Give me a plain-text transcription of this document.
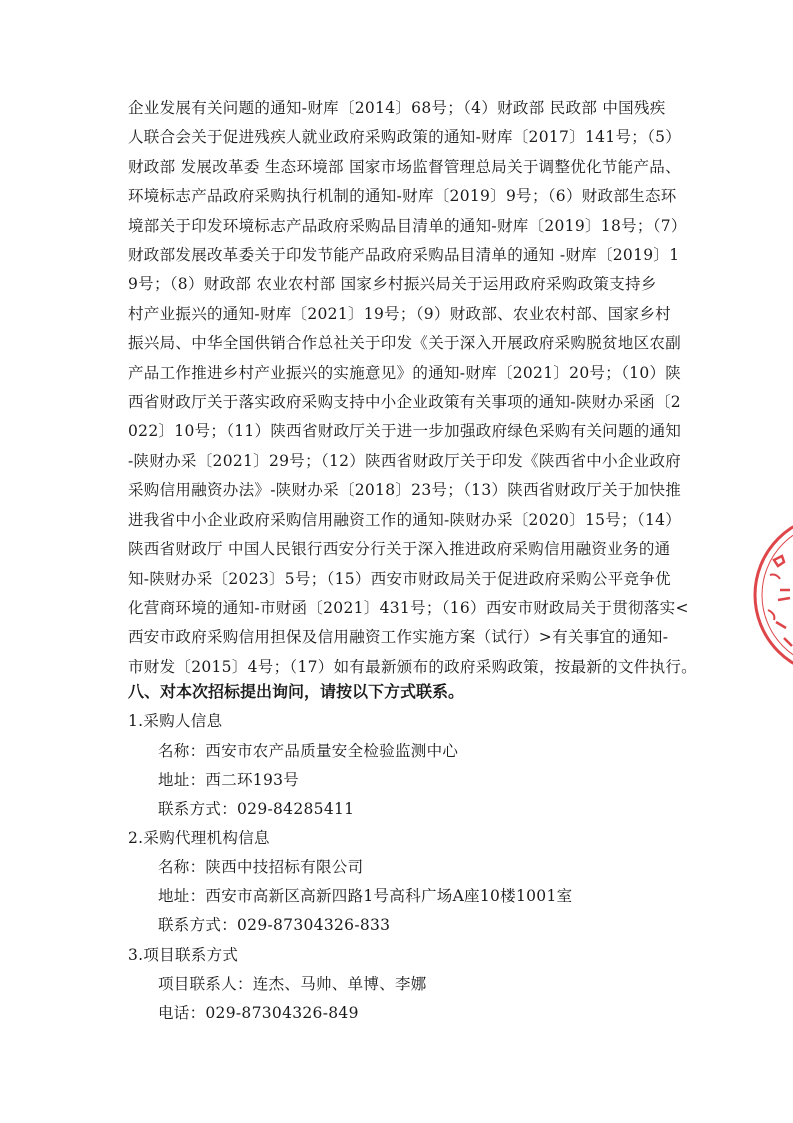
企业发展有关问题的通知-财库〔2014〕68号；（4）财政部 民政部 中国残疾
人联合会关于促进残疾人就业政府采购政策的通知-财库〔2017〕141号；（5）
财政部 发展改革委 生态环境部 国家市场监督管理总局关于调整优化节能产品、
环境标志产品政府采购执行机制的通知-财库〔2019〕9号；（6）财政部生态环
境部关于印发环境标志产品政府采购品目清单的通知-财库〔2019〕18号；（7）
财政部发展改革委关于印发节能产品政府采购品目清单的通知 -财库〔2019〕1
9号；（8）财政部 农业农村部 国家乡村振兴局关于运用政府采购政策支持乡
村产业振兴的通知-财库〔2021〕19号；（9）财政部、农业农村部、国家乡村
振兴局、中华全国供销合作总社关于印发《关于深入开展政府采购脱贫地区农副
产品工作推进乡村产业振兴的实施意见》的通知-财库〔2021〕20号；（10）陕
西省财政厅关于落实政府采购支持中小企业政策有关事项的通知-陕财办采函〔2
022〕10号；（11）陕西省财政厅关于进一步加强政府绿色采购有关问题的通知
-陕财办采〔2021〕29号；（12）陕西省财政厅关于印发《陕西省中小企业政府
采购信用融资办法》-陕财办采〔2018〕23号；（13）陕西省财政厅关于加快推
进我省中小企业政府采购信用融资工作的通知-陕财办采〔2020〕15号；（14）
陕西省财政厅 中国人民银行西安分行关于深入推进政府采购信用融资业务的通
知-陕财办采〔2023〕5号；（15）西安市财政局关于促进政府采购公平竞争优
化营商环境的通知-市财函〔2021〕431号；（16）西安市财政局关于贯彻落实<
西安市政府采购信用担保及信用融资工作实施方案（试行）>有关事宜的通知-
市财发〔2015〕4号；（17）如有最新颁布的政府采购政策，按最新的文件执行。
八、对本次招标提出询问，请按以下方式联系。
1.采购人信息
名称：西安市农产品质量安全检验监测中心
地址：西二环193号
联系方式：029-84285411
2.采购代理机构信息
名称：陕西中技招标有限公司
地址：西安市高新区高新四路1号高科广场A座10楼1001室
联系方式：029-87304326-833
3.项目联系方式
项目联系人：连杰、马帅、单博、李娜
电话：029-87304326-849
